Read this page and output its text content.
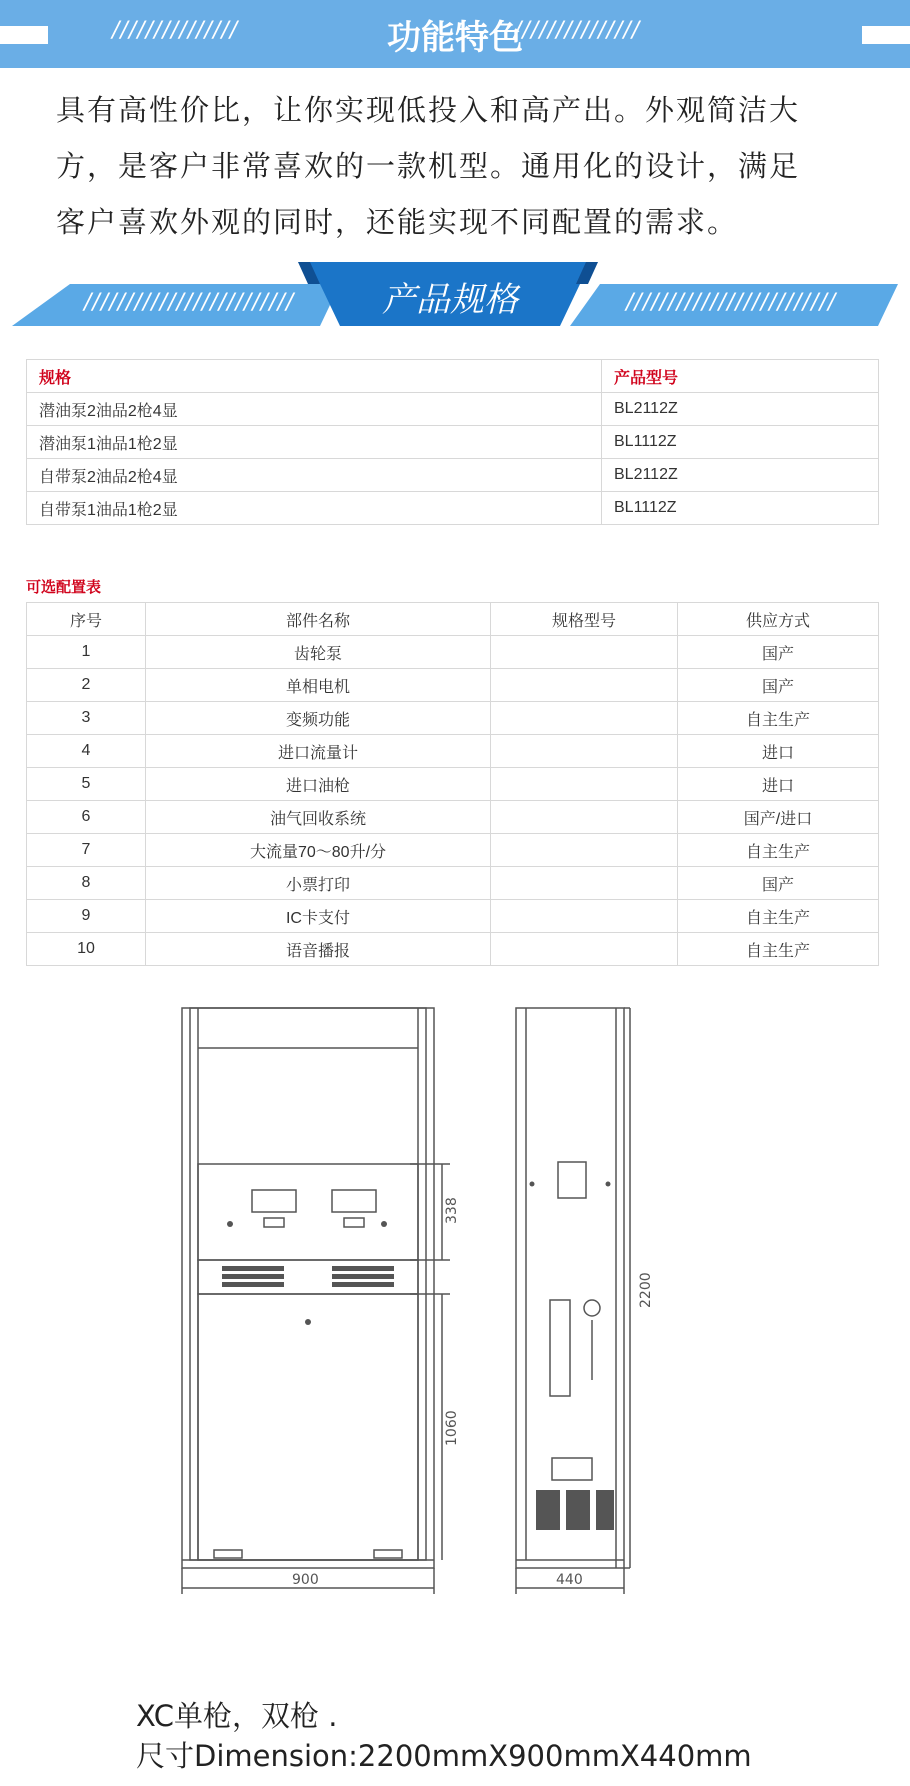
///////////////	///////////////
功能特色
具有高性价比，让你实现低投入和高产出。外观简洁大
方，是客户非常喜欢的一款机型。通用化的设计，满足
客户喜欢外观的同时，还能实现不同配置的需求。
/////////////////////////	/////////////////////////
产品规格
规格	产品型号
潜油泵2油品2枪4显	BL2112Z
潜油泵1油品1枪2显	BL1112Z
自带泵2油品2枪4显	BL2112Z
自带泵1油品1枪2显	BL1112Z
可选配置表
序号	部件名称	规格型号	供应方式
1	齿轮泵		国产
2	单相电机		国产
3	变频功能		自主生产
4	进口流量计		进口
5	进口油枪		进口
6	油气回收系统		国产/进口
7	大流量70～80升/分		自主生产
8	小票打印		国产
9	IC卡支付		自主生产
10	语音播报		自主生产
338
1060
2200
900	440
XC单枪，双枪 .
尺寸Dimension:2200mmX900mmX440mm
